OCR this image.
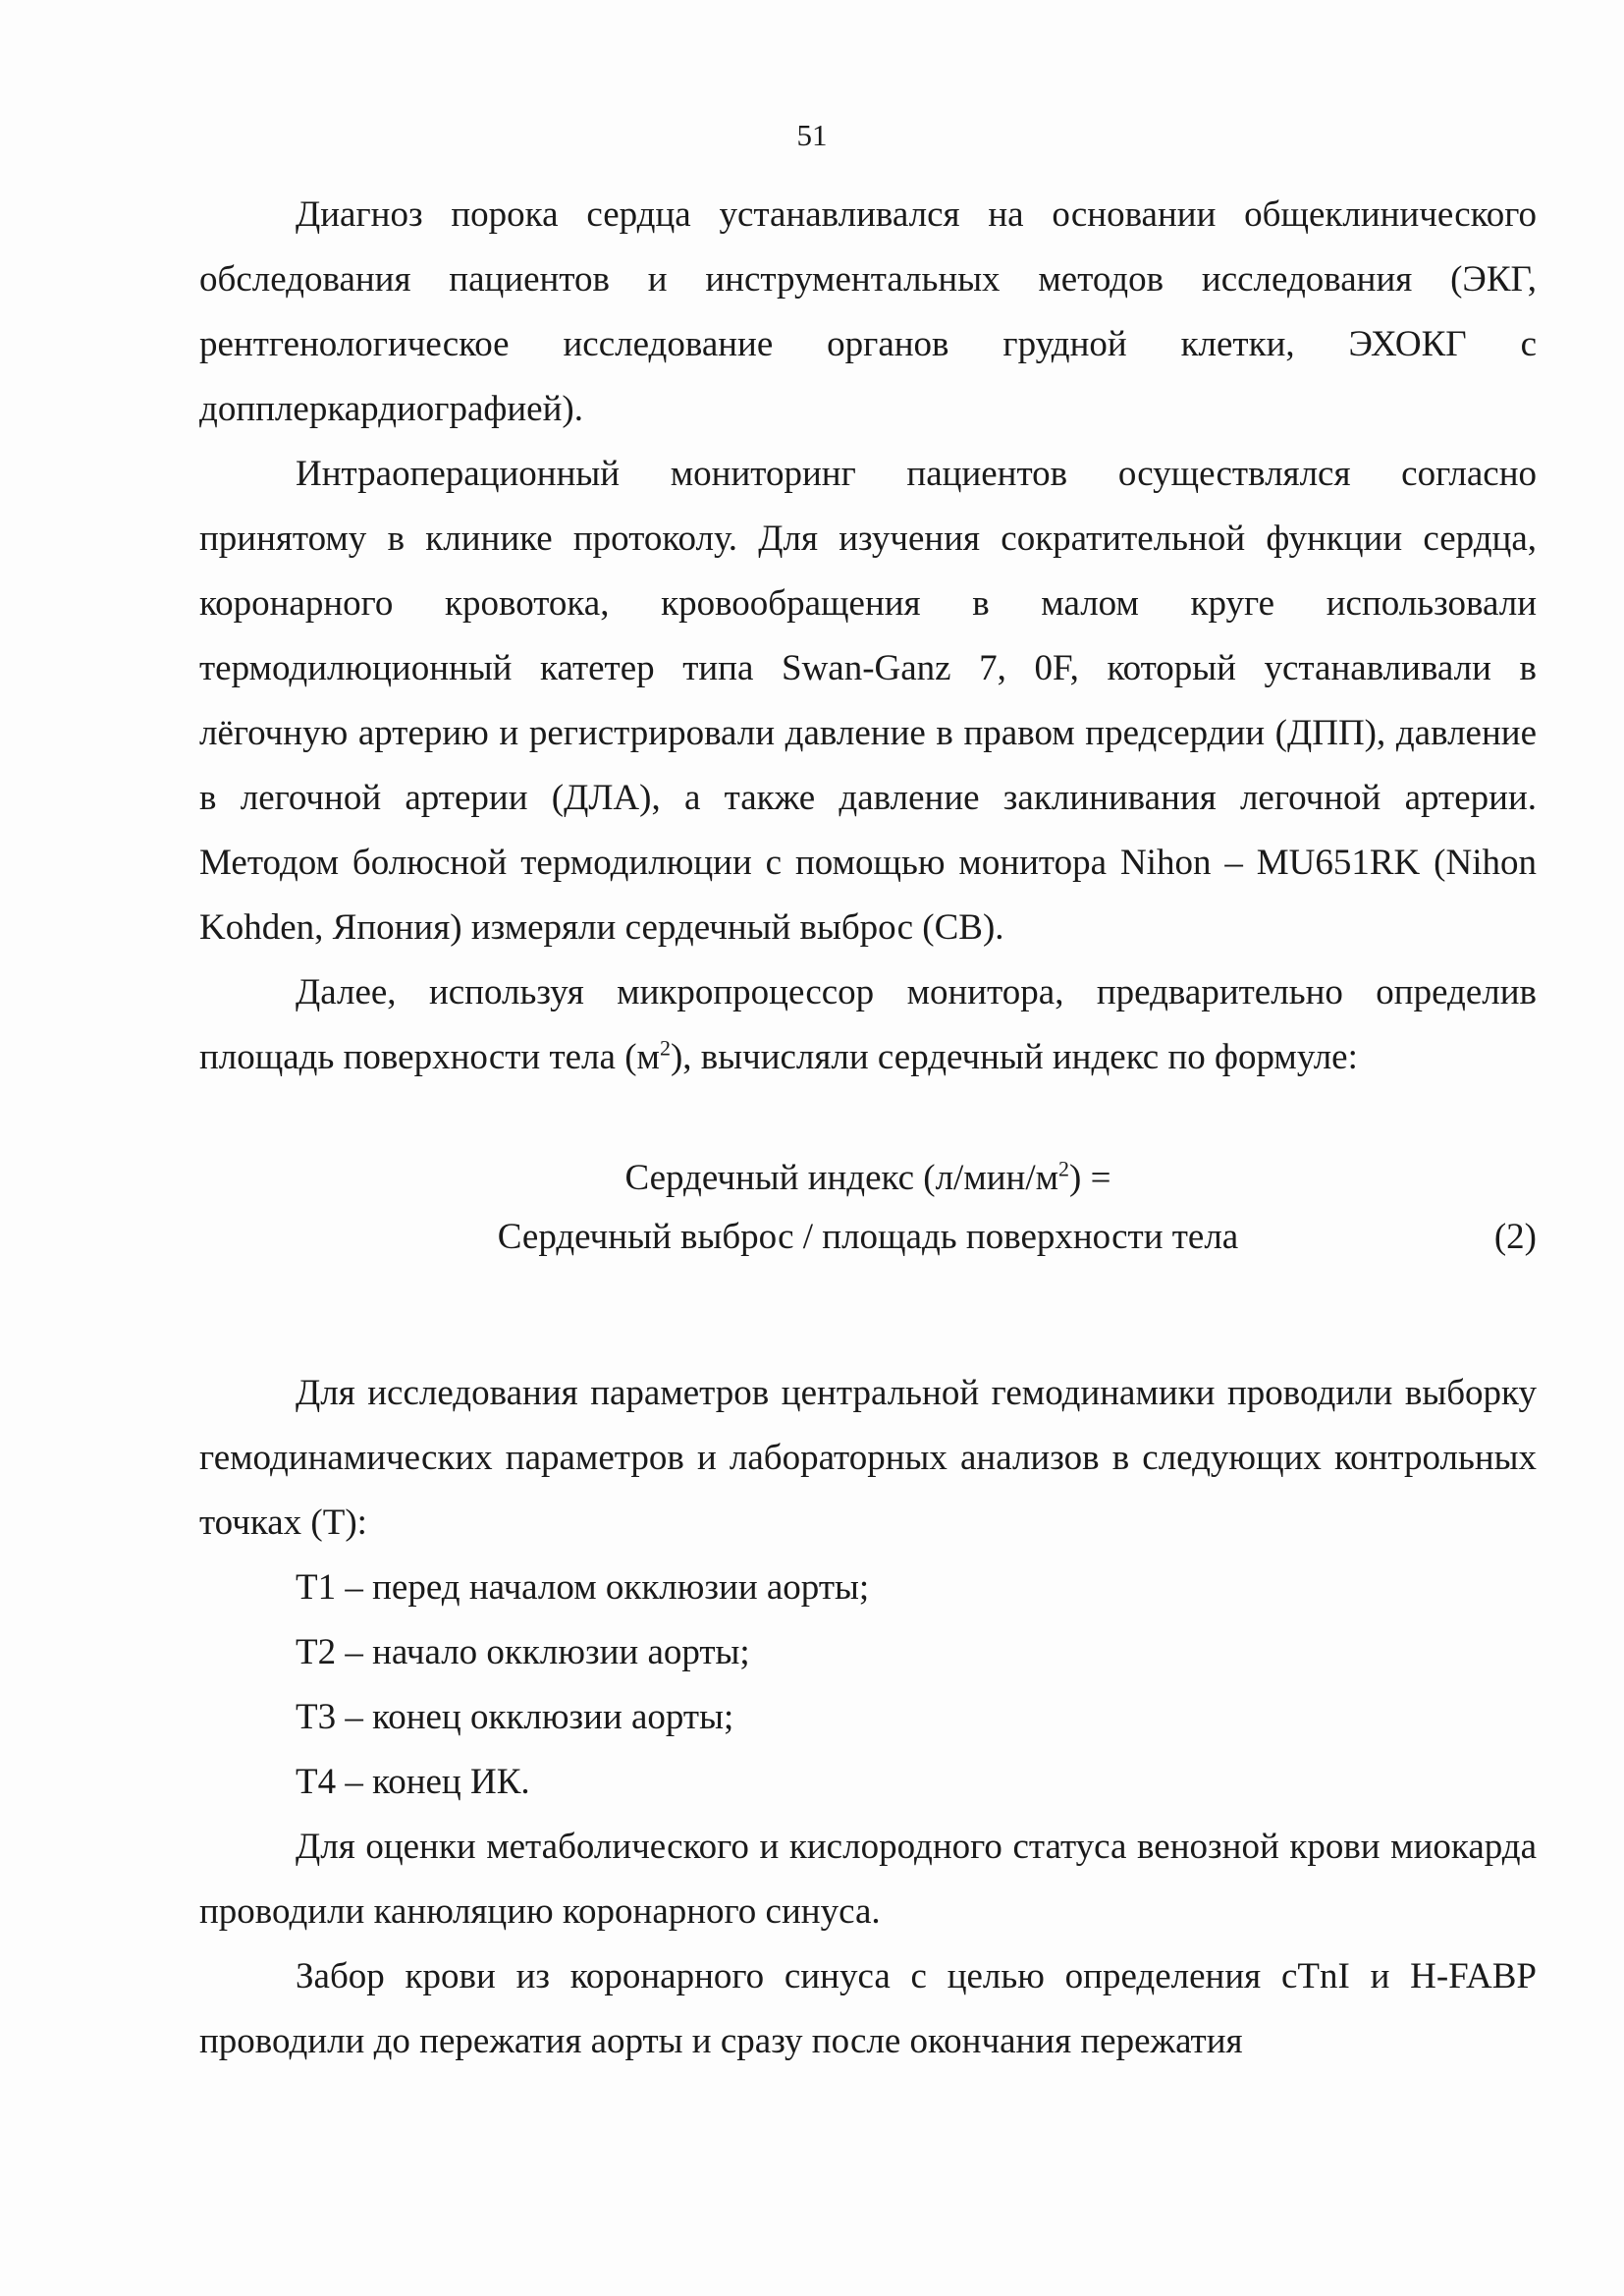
51

Диагноз порока сердца устанавливался на основании общеклинического обследования пациентов и инструментальных методов исследования (ЭКГ, рентгенологическое исследование органов грудной клетки, ЭХОКГ с допплеркардиографией).

Интраоперационный мониторинг пациентов осуществлялся согласно принятому в клинике протоколу. Для изучения сократительной функции сердца, коронарного кровотока, кровообращения в малом круге использовали термодилюционный катетер типа Swan-Ganz 7, 0F, который устанавливали в лёгочную артерию и регистрировали давление в правом предсердии (ДПП), давление в легочной артерии (ДЛА), а также давление заклинивания легочной артерии. Методом болюсной термодилюции с помощью монитора Nihon – MU651RK (Nihon Kohden, Япония) измеряли сердечный выброс (СВ).

Далее, используя микропроцессор монитора, предварительно определив площадь поверхности тела $(м^2)$, вычисляли сердечный индекс по формуле:

Сердечный индекс $(л/мин/м^2)$ =
Сердечный выброс / площадь поверхности тела	(2)

Для исследования параметров центральной гемодинамики проводили выборку гемодинамических параметров и лабораторных анализов в следующих контрольных точках (Т):

Т1 – перед началом окклюзии аорты;

Т2 – начало окклюзии аорты;

Т3 – конец окклюзии аорты;

Т4 – конец ИК.

Для оценки метаболического и кислородного статуса венозной крови миокарда проводили канюляцию коронарного синуса.

Забор крови из коронарного синуса с целью определения cTnI и H-FABP проводили до пережатия аорты и сразу после окончания пережатия
